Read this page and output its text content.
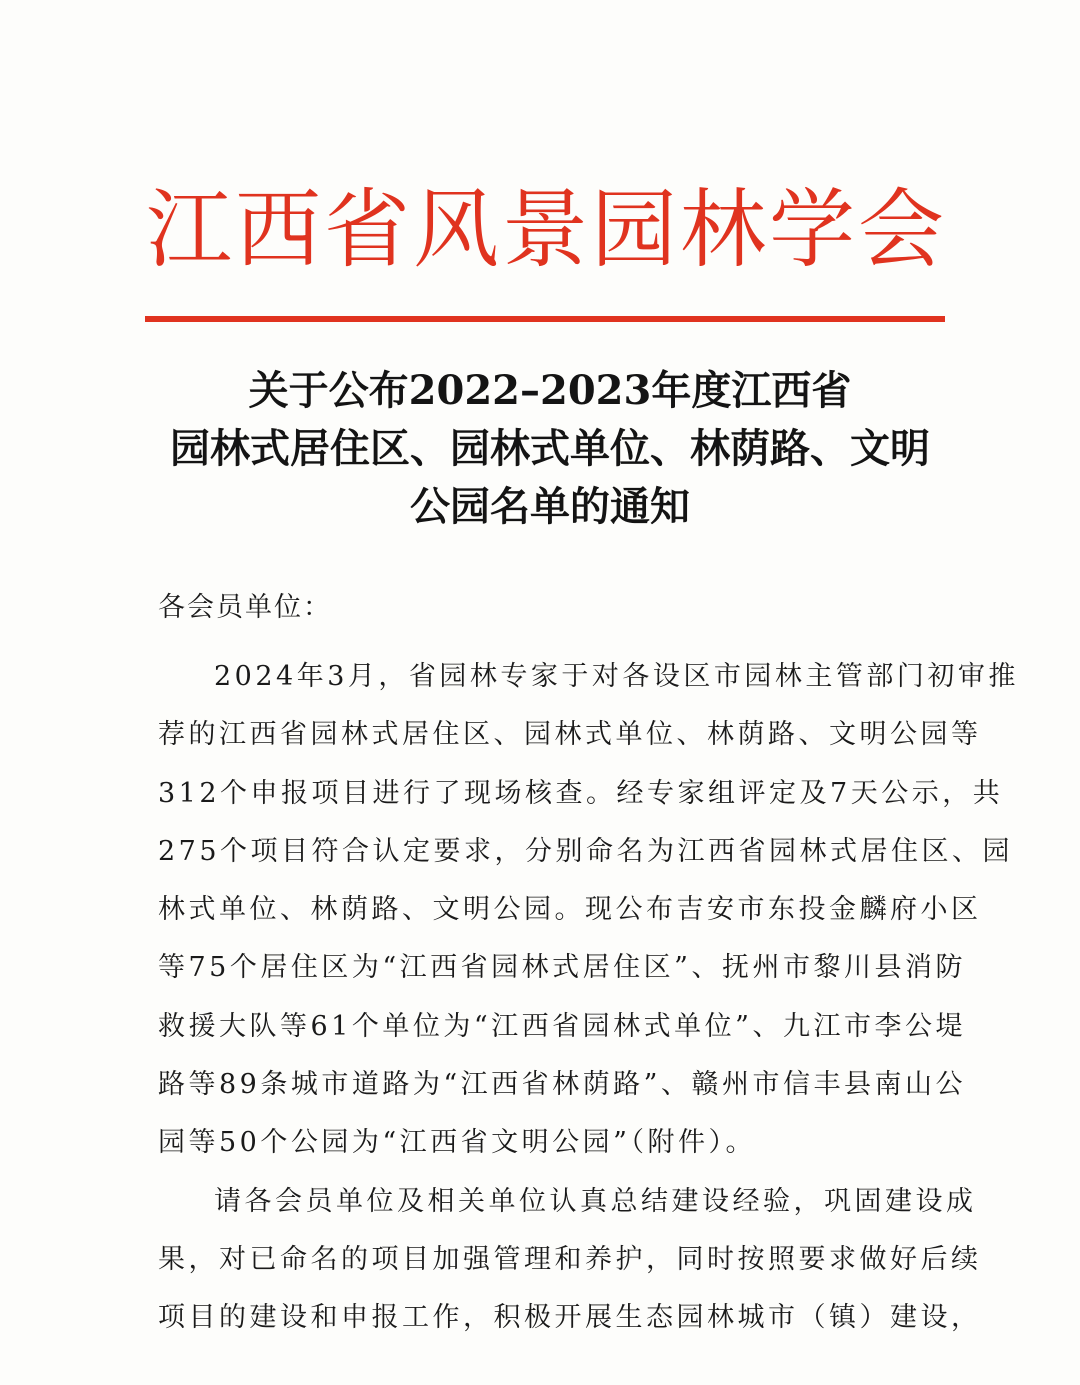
江 西 省 风 景 园 林 学 会
关于公布2022–2023年度江西省
园林式居住区、园林式单位、林荫路、文明
公园名单的通知
各会员单位：

2024年3月，省园林专家于对各设区市园林主管部门初审推
荐的江西省园林式居住区、园林式单位、林荫路、文明公园等
312个申报项目进行了现场核查。经专家组评定及7天公示，共
275个项目符合认定要求，分别命名为江西省园林式居住区、园
林式单位、林荫路、文明公园。现公布吉安市东投金麟府小区
等75个居住区为“江西省园林式居住区”、抚州市黎川县消防
救援大队等61个单位为“江西省园林式单位”、九江市李公堤
路等89条城市道路为“江西省林荫路”、赣州市信丰县南山公
园等50个公园为“江西省文明公园”（附件）。

请各会员单位及相关单位认真总结建设经验，巩固建设成
果，对已命名的项目加强管理和养护，同时按照要求做好后续
项目的建设和申报工作，积极开展生态园林城市（镇）建设，
